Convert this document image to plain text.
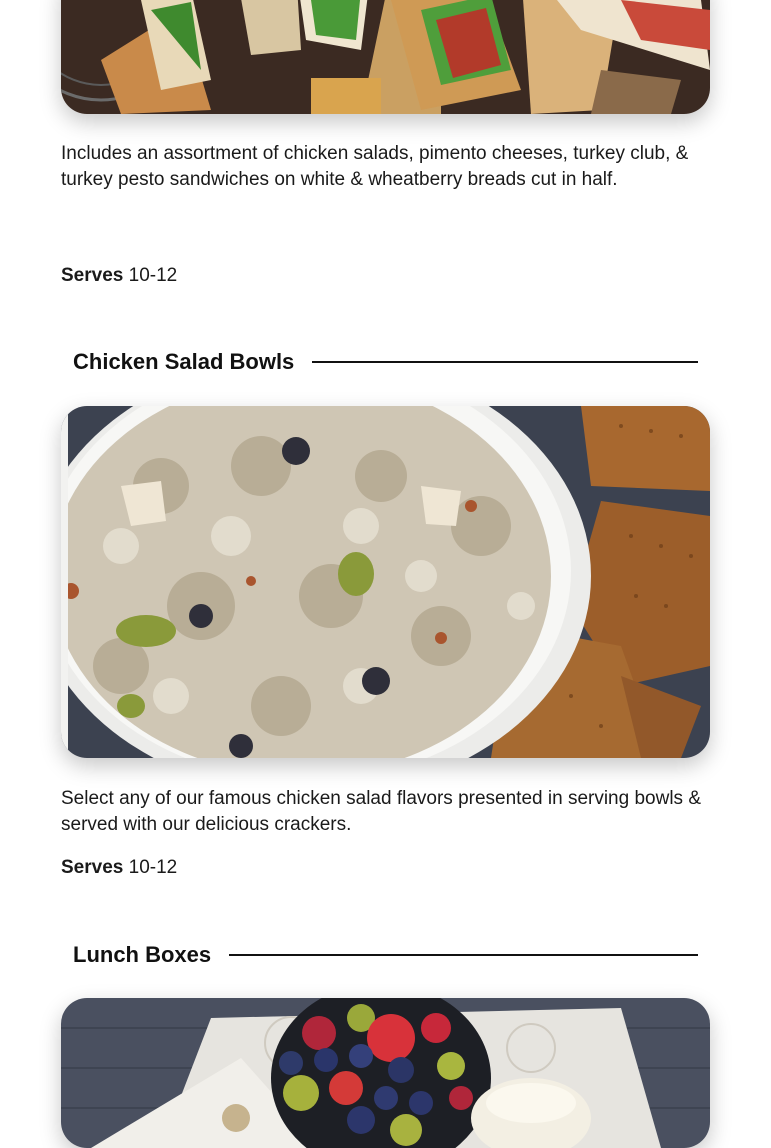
Includes an assortment of chicken salads, pimento cheeses, turkey club, & turkey pesto sandwiches on white & wheatberry breads cut in half.

Serves 10-12

Chicken Salad Bowls

Select any of our famous chicken salad flavors presented in serving bowls & served with our delicious crackers.

Serves 10-12

Lunch Boxes
